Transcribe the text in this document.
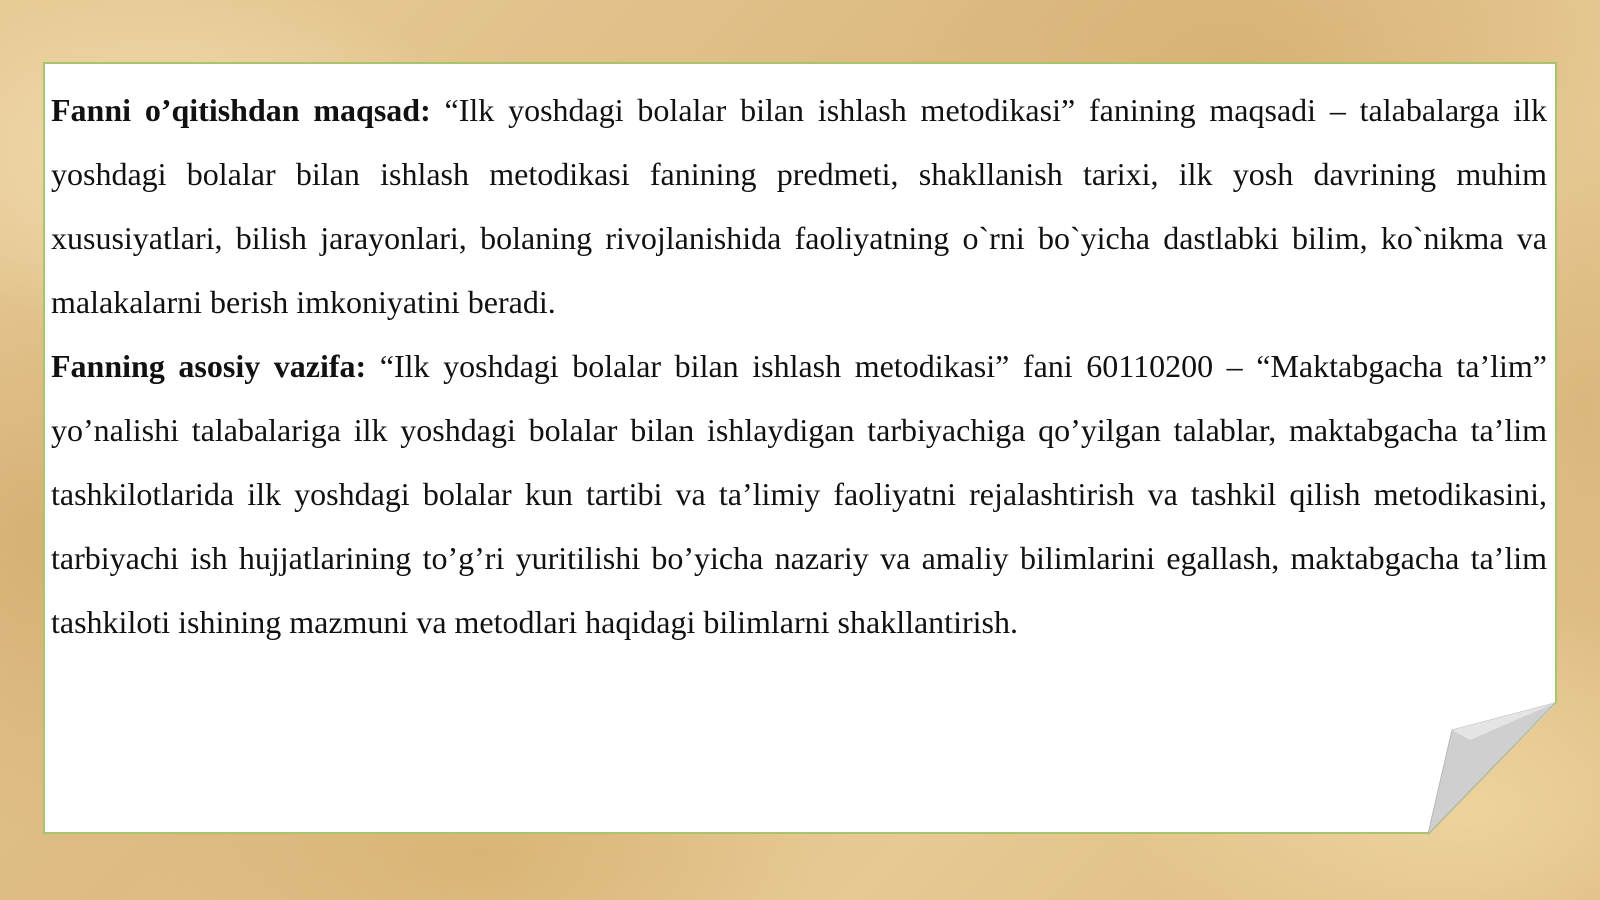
Fanni o’qitishdan maqsad: “Ilk yoshdagi bolalar bilan ishlash metodikasi” fanining maqsadi – talabalarga ilk yoshdagi bolalar bilan ishlash metodikasi fanining predmeti, shakllanish tarixi, ilk yosh davrining muhim xususiyatlari, bilish jarayonlari, bolaning rivojlanishida faoliyatning o`rni bo`yicha dastlabki bilim, ko`nikma va malakalarni berish imkoniyatini beradi.

Fanning asosiy vazifa: “Ilk yoshdagi bolalar bilan ishlash metodikasi” fani 60110200 – “Maktabgacha ta’lim” yo’nalishi talabalariga ilk yoshdagi bolalar bilan ishlaydigan tarbiyachiga qo’yilgan talablar, maktabgacha ta’lim tashkilotlarida ilk yoshdagi bolalar kun tartibi va ta’limiy faoliyatni rejalashtirish va tashkil qilish metodikasini, tarbiyachi ish hujjatlarining to’g’ri yuritilishi bo’yicha nazariy va amaliy bilimlarini egallash, maktabgacha ta’lim tashkiloti ishining mazmuni va metodlari haqidagi bilimlarni shakllantirish.
